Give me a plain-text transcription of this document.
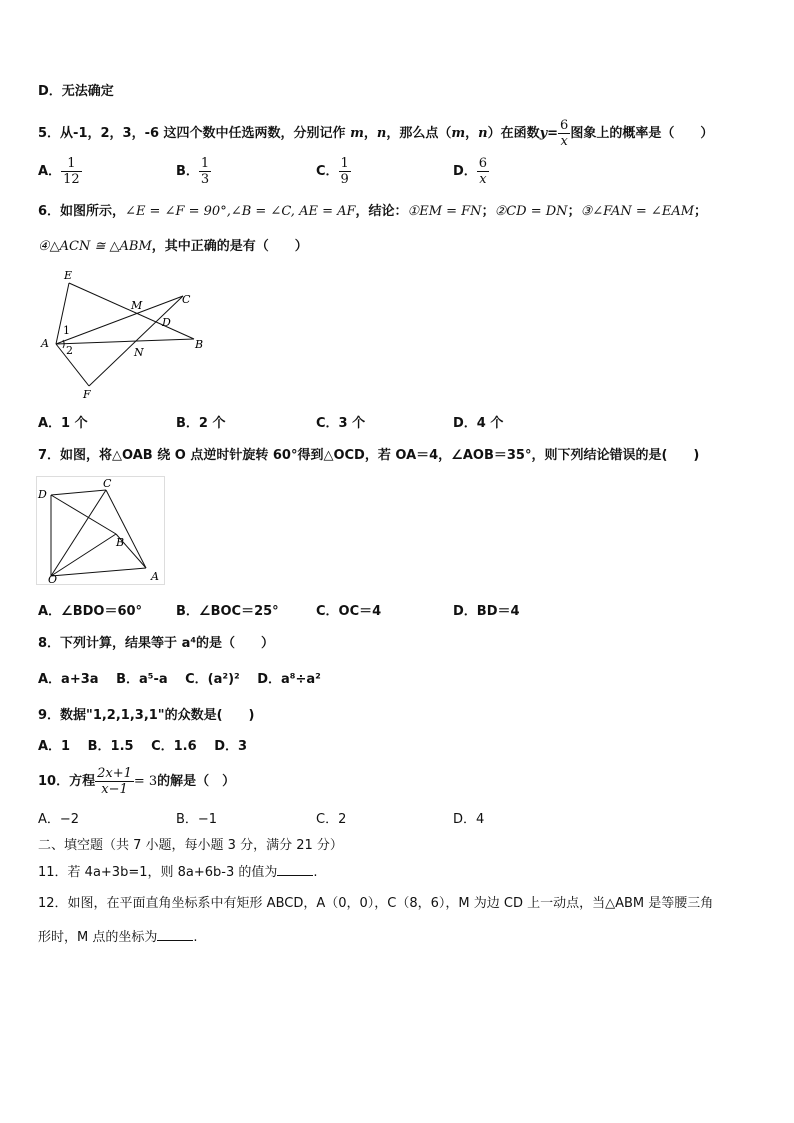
D．无法确定
5．从-1，2，3，-6 这四个数中任选两数，分别记作 m，n，那么点（m，n）在函数$y= \frac{6}{x}$ 图象上的概率是（　　）
A． $\frac{1}{12}$	B． $\frac{1}{3}$	C． $\frac{1}{9}$	D． $\frac{6}{x}$
6．如图所示，∠E = ∠F = 90°,∠B = ∠C, AE = AF，结论：①EM = FN；②CD = DN；③∠FAN = ∠EAM；
④△ACN ≅ △ABM，其中正确的是有（　　）
E
M	C
D
A
1
2	N
B
F
A．1 个	B．2 个	C．3 个	D．4 个
7．如图，将△OAB 绕 O 点逆时针旋转 60°得到△OCD，若 OA＝4，∠AOB＝35°，则下列结论错误的是(　　)
D
C
B
O	A
A．∠BDO＝60°	B．∠BOC＝25°	C．OC＝4	D．BD＝4
8．下列计算，结果等于 a⁴的是（　　）
A．a+3a　 B．a⁵-a　 C．(a²)²　 D．a⁸÷a²
9．数据"1,2,1,3,1"的众数是(　　)
A．1　 B．1.5　 C．1.6　 D．3
10．方程 $\frac{2x+1}{x-1} = 3$的解是（　）
A．−2	B．−1	C．2	D．4
二、填空题（共 7 小题，每小题 3 分，满分 21 分）
11．若 4a+3b=1，则 8a+6b-3 的值为	.
12．如图，在平面直角坐标系中有矩形 ABCD，A（0，0），C（8，6），M 为边 CD 上一动点，当△ABM 是等腰三角
形时，M 点的坐标为	.
